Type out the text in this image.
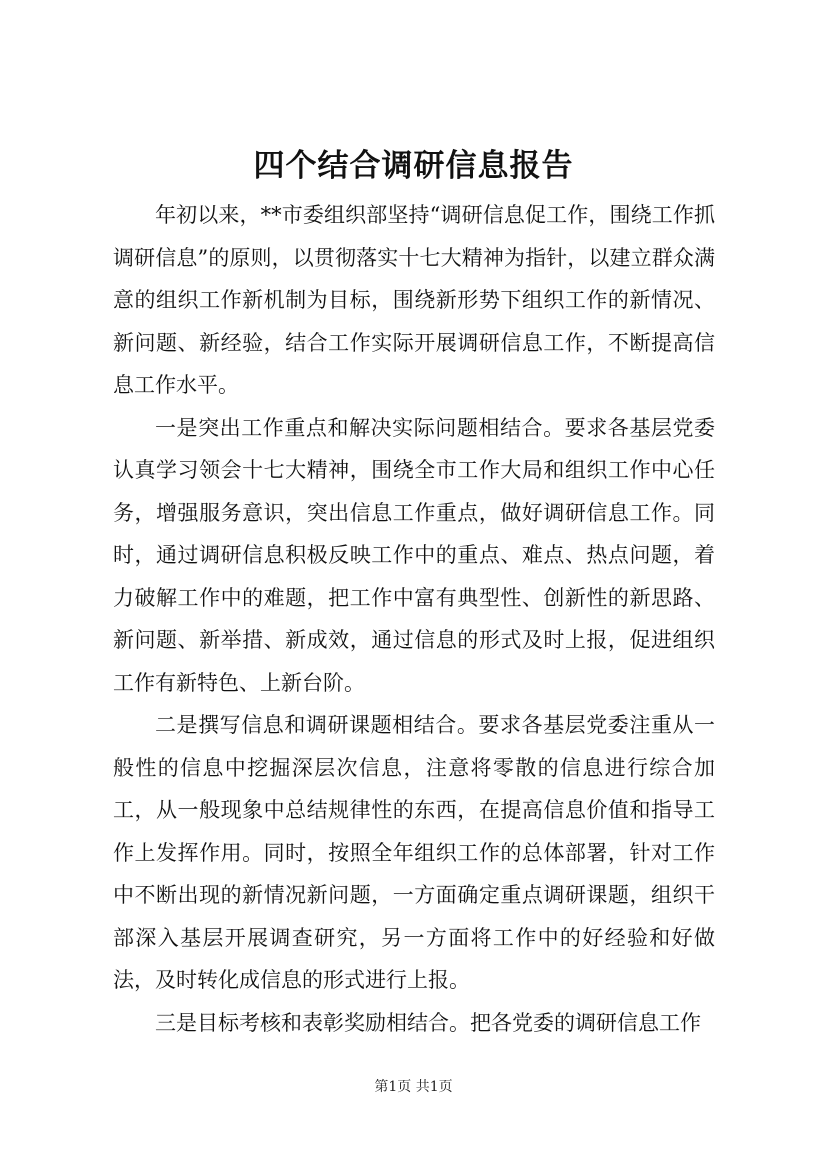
四个结合调研信息报告

年初以来，**市委组织部坚持“调研信息促工作，围绕工作抓调研信息”的原则，以贯彻落实十七大精神为指针，以建立群众满意的组织工作新机制为目标，围绕新形势下组织工作的新情况、新问题、新经验，结合工作实际开展调研信息工作，不断提高信息工作水平。

一是突出工作重点和解决实际问题相结合。要求各基层党委认真学习领会十七大精神，围绕全市工作大局和组织工作中心任务，增强服务意识，突出信息工作重点，做好调研信息工作。同时，通过调研信息积极反映工作中的重点、难点、热点问题，着力破解工作中的难题，把工作中富有典型性、创新性的新思路、新问题、新举措、新成效，通过信息的形式及时上报，促进组织工作有新特色、上新台阶。

二是撰写信息和调研课题相结合。要求各基层党委注重从一般性的信息中挖掘深层次信息，注意将零散的信息进行综合加工，从一般现象中总结规律性的东西，在提高信息价值和指导工作上发挥作用。同时，按照全年组织工作的总体部署，针对工作中不断出现的新情况新问题，一方面确定重点调研课题，组织干部深入基层开展调查研究，另一方面将工作中的好经验和好做法，及时转化成信息的形式进行上报。

三是目标考核和表彰奖励相结合。把各党委的调研信息工作

第1页 共1页
